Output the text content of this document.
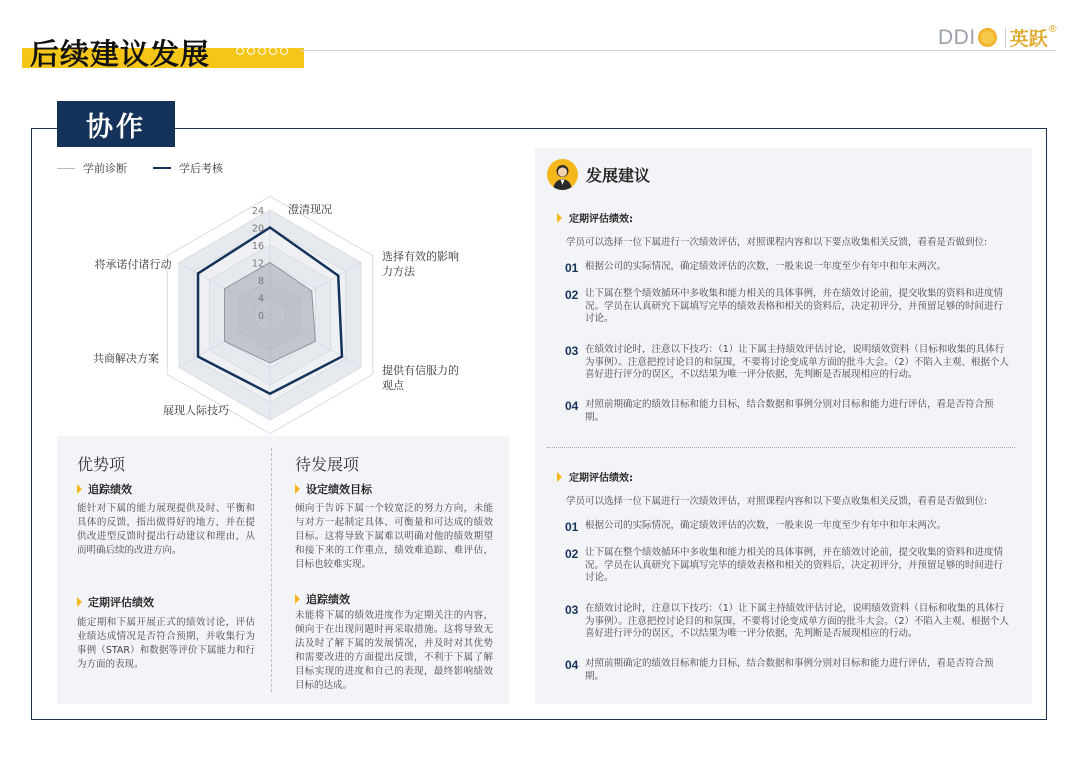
后续建议发展	DDI 英跃 ®
协作
学前诊断	学后考核
0
4
8
12
16
20
24 澄清现况
选择有效的影响
力方法
提供有信服力的
观点
展现人际技巧
共商解决方案
将承诺付诸行动
优势项
追踪绩效
能针对下属的能力展现提供及时、平衡和具体的反馈，指出做得好的地方，并在提供改进型反馈时提出行动建议和理由，从而明确后续的改进方向。
定期评估绩效
能定期和下属开展正式的绩效讨论，评估业绩达成情况是否符合预期，并收集行为事例（STAR）和数据等评价下属能力和行为方面的表现。
待发展项
设定绩效目标
倾向于告诉下属一个较宽泛的努力方向，未能与对方一起制定具体、可衡量和可达成的绩效目标。这将导致下属难以明确对他的绩效期望和接下来的工作重点，绩效难追踪、难评估，目标也较难实现。
追踪绩效
未能将下属的绩效进度作为定期关注的内容，倾向于在出现问题时再采取措施。这将导致无法及时了解下属的发展情况，并及时对其优势和需要改进的方面提出反馈，不利于下属了解目标实现的进度和自己的表现，最终影响绩效目标的达成。
发展建议
定期评估绩效:
学员可以选择一位下属进行一次绩效评估，对照课程内容和以下要点收集相关反馈，看看是否做到位:
01 根据公司的实际情况，确定绩效评估的次数，一般来说一年度至少有年中和年末两次。
02 让下属在整个绩效循环中多收集和能力相关的具体事例，并在绩效讨论前，提交收集的资料和进度情况。学员在认真研究下属填写完毕的绩效表格和相关的资料后，决定初评分，并预留足够的时间进行讨论。
03 在绩效讨论时，注意以下技巧：（1）让下属主持绩效评估讨论，说明绩效资料（目标和收集的具体行为事例）。注意把控讨论目的和氛围，不要将讨论变成单方面的批斗大会。（2）不陷入主观、根据个人喜好进行评分的误区，不以结果为唯一评分依据，先判断是否展现相应的行动。
04 对照前期确定的绩效目标和能力目标，结合数据和事例分别对目标和能力进行评估，看是否符合预期。
定期评估绩效:
学员可以选择一位下属进行一次绩效评估，对照课程内容和以下要点收集相关反馈，看看是否做到位:
01 根据公司的实际情况，确定绩效评估的次数，一般来说一年度至少有年中和年末两次。
02 让下属在整个绩效循环中多收集和能力相关的具体事例，并在绩效讨论前，提交收集的资料和进度情况。学员在认真研究下属填写完毕的绩效表格和相关的资料后，决定初评分，并预留足够的时间进行讨论。
03 在绩效讨论时，注意以下技巧：（1）让下属主持绩效评估讨论，说明绩效资料（目标和收集的具体行为事例）。注意把控讨论目的和氛围，不要将讨论变成单方面的批斗大会。（2）不陷入主观、根据个人喜好进行评分的误区，不以结果为唯一评分依据，先判断是否展现相应的行动。
04 对照前期确定的绩效目标和能力目标，结合数据和事例分别对目标和能力进行评估，看是否符合预期。
